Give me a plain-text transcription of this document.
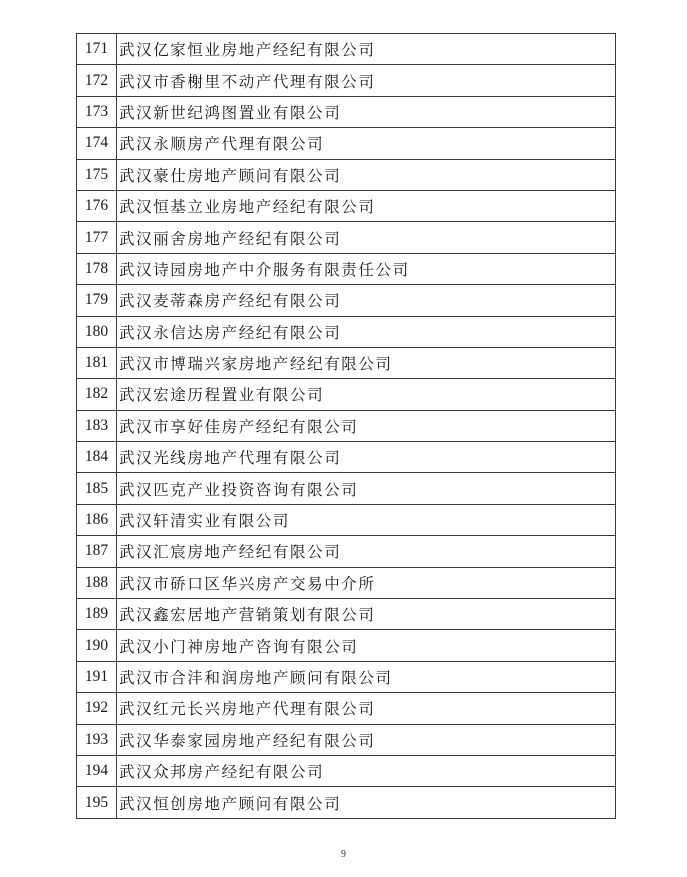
171	武汉亿家恒业房地产经纪有限公司
172	武汉市香榭里不动产代理有限公司
173	武汉新世纪鸿图置业有限公司
174	武汉永顺房产代理有限公司
175	武汉豪仕房地产顾问有限公司
176	武汉恒基立业房地产经纪有限公司
177	武汉丽舍房地产经纪有限公司
178	武汉诗园房地产中介服务有限责任公司
179	武汉麦蒂森房产经纪有限公司
180	武汉永信达房产经纪有限公司
181	武汉市博瑞兴家房地产经纪有限公司
182	武汉宏途历程置业有限公司
183	武汉市享好佳房产经纪有限公司
184	武汉光线房地产代理有限公司
185	武汉匹克产业投资咨询有限公司
186	武汉轩清实业有限公司
187	武汉汇宸房地产经纪有限公司
188	武汉市硚口区华兴房产交易中介所
189	武汉鑫宏居地产营销策划有限公司
190	武汉小门神房地产咨询有限公司
191	武汉市合沣和润房地产顾问有限公司
192	武汉红元长兴房地产代理有限公司
193	武汉华泰家园房地产经纪有限公司
194	武汉众邦房产经纪有限公司
195	武汉恒创房地产顾问有限公司
9
